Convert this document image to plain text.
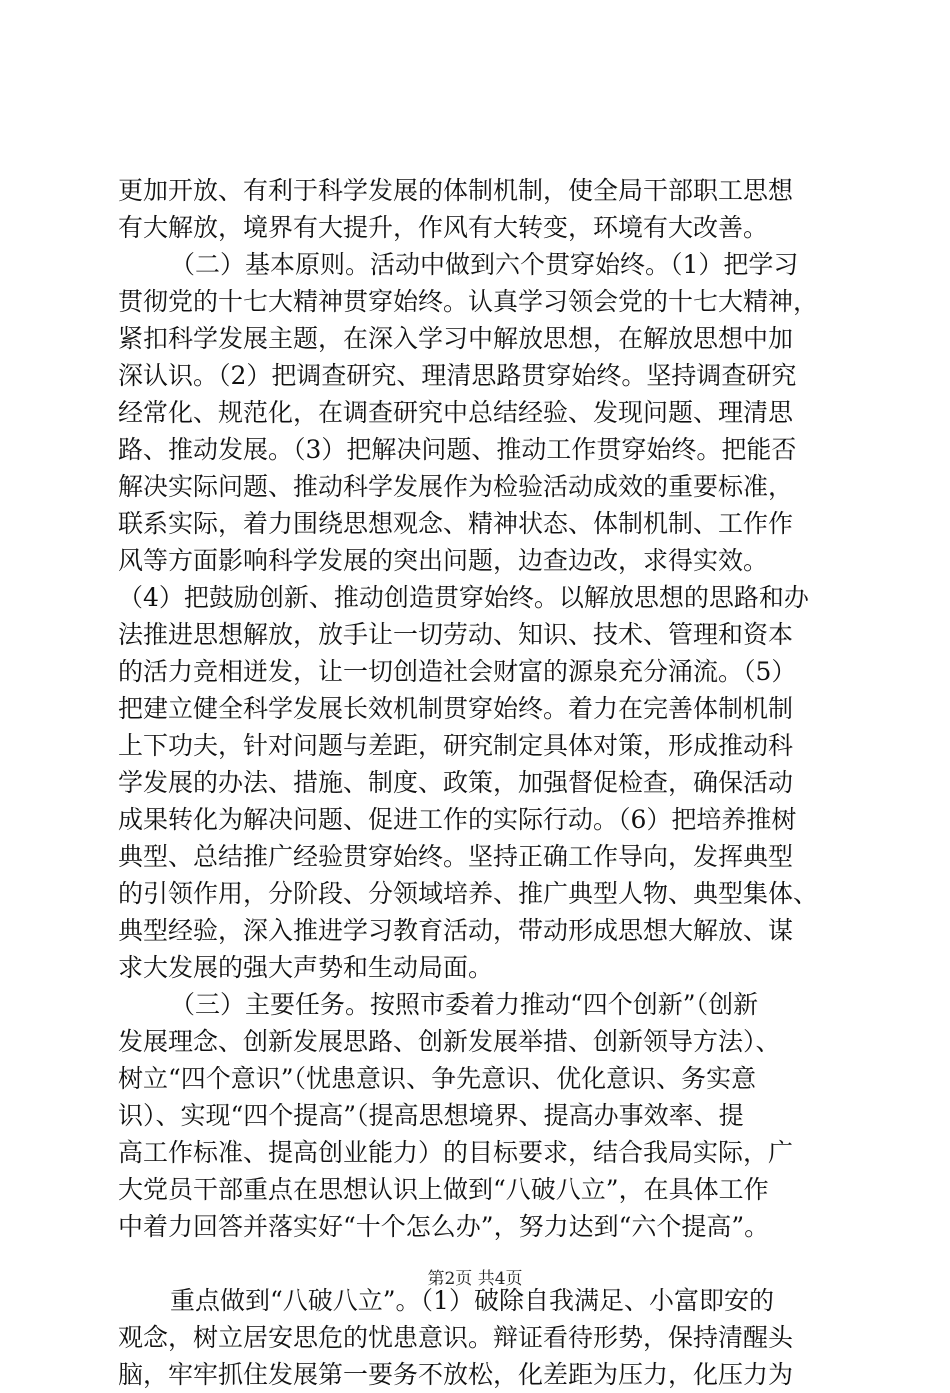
更加开放、有利于科学发展的体制机制，使全局干部职工思想
有大解放，境界有大提升，作风有大转变，环境有大改善。
（二）基本原则。活动中做到六个贯穿始终。（1）把学习
贯彻党的十七大精神贯穿始终。认真学习领会党的十七大精神，
紧扣科学发展主题，在深入学习中解放思想，在解放思想中加
深认识。（2）把调查研究、理清思路贯穿始终。坚持调查研究
经常化、规范化，在调查研究中总结经验、发现问题、理清思
路、推动发展。（3）把解决问题、推动工作贯穿始终。把能否
解决实际问题、推动科学发展作为检验活动成效的重要标准，
联系实际，着力围绕思想观念、精神状态、体制机制、工作作
风等方面影响科学发展的突出问题，边查边改，求得实效。
（4）把鼓励创新、推动创造贯穿始终。以解放思想的思路和办
法推进思想解放，放手让一切劳动、知识、技术、管理和资本
的活力竞相迸发，让一切创造社会财富的源泉充分涌流。（5）
把建立健全科学发展长效机制贯穿始终。着力在完善体制机制
上下功夫，针对问题与差距，研究制定具体对策，形成推动科
学发展的办法、措施、制度、政策，加强督促检查，确保活动
成果转化为解决问题、促进工作的实际行动。（6）把培养推树
典型、总结推广经验贯穿始终。坚持正确工作导向，发挥典型
的引领作用，分阶段、分领域培养、推广典型人物、典型集体、
典型经验，深入推进学习教育活动，带动形成思想大解放、谋
求大发展的强大声势和生动局面。
（三）主要任务。按照市委着力推动“四个创新”（创新
发展理念、创新发展思路、创新发展举措、创新领导方法）、
树立“四个意识”（忧患意识、争先意识、优化意识、务实意
识）、实现“四个提高”（提高思想境界、提高办事效率、提
高工作标准、提高创业能力）的目标要求，结合我局实际，广
大党员干部重点在思想认识上做到“八破八立”，在具体工作
中着力回答并落实好“十个怎么办”，努力达到“六个提高”。
重点做到“八破八立”。（1）破除自我满足、小富即安的
观念，树立居安思危的忧患意识。辩证看待形势，保持清醒头
脑，牢牢抓住发展第一要务不放松，化差距为压力，化压力为
第2页 共4页
